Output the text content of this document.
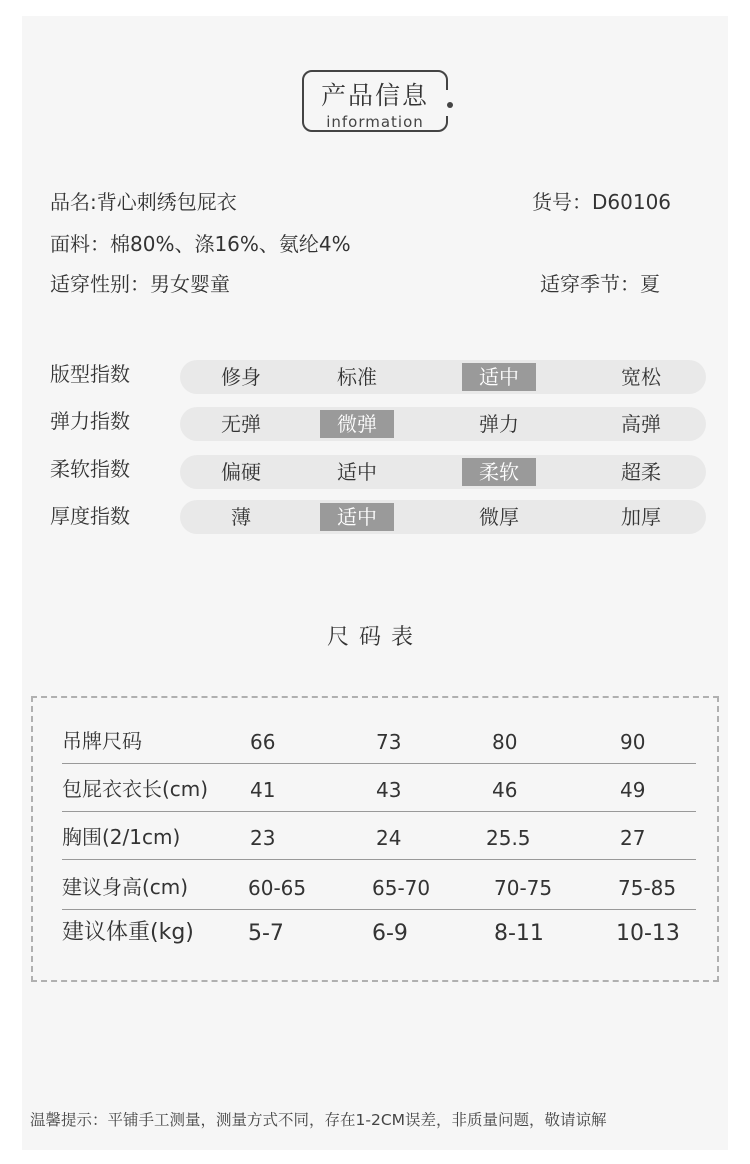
产品信息
information
品名:背心刺绣包屁衣	货号：D60106
面料：棉80%、涤16%、氨纶4%
适穿性别：男女婴童	适穿季节：夏
版型指数	修身	标准	适中	宽松
弹力指数	无弹	微弹	弹力	高弹
柔软指数	偏硬	适中	柔软	超柔
厚度指数	薄	适中	微厚	加厚
尺码表
吊牌尺码	66	73	80	90
包屁衣衣长(cm) 41	43	46	49
胸围(2/1cm)	23	24	25.5	27
建议身高(cm)	60-65	65-70	70-75	75-85
建议体重(kg) 5-7	6-9	8-11	10-13
温馨提示：平铺手工测量，测量方式不同，存在1-2CM误差，非质量问题，敬请谅解
